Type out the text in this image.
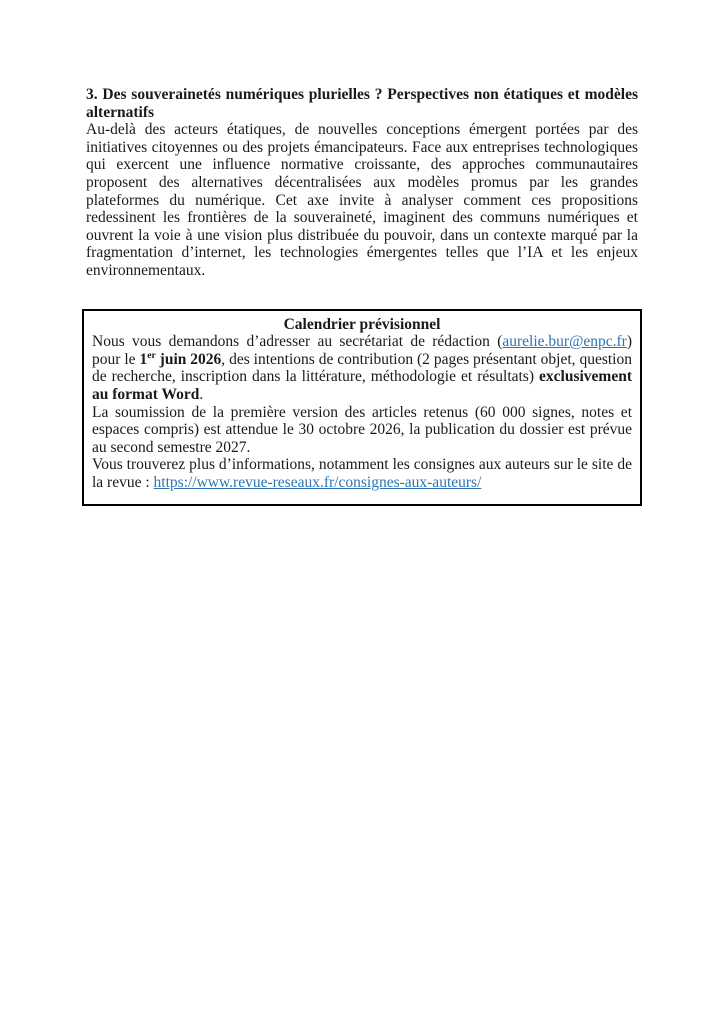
3. Des souverainetés numériques plurielles ? Perspectives non étatiques et modèles alternatifs

Au-delà des acteurs étatiques, de nouvelles conceptions émergent portées par des initiatives citoyennes ou des projets émancipateurs. Face aux entreprises technologiques qui exercent une influence normative croissante, des approches communautaires proposent des alternatives décentralisées aux modèles promus par les grandes plateformes du numérique. Cet axe invite à analyser comment ces propositions redessinent les frontières de la souveraineté, imaginent des communs numériques et ouvrent la voie à une vision plus distribuée du pouvoir, dans un contexte marqué par la fragmentation d’internet, les technologies émergentes telles que l’IA et les enjeux environnementaux.

Calendrier prévisionnel

Nous vous demandons d’adresser au secrétariat de rédaction (aurelie.bur@enpc.fr) pour le 1er juin 2026, des intentions de contribution (2 pages présentant objet, question de recherche, inscription dans la littérature, méthodologie et résultats) exclusivement au format Word.

La soumission de la première version des articles retenus (60 000 signes, notes et espaces compris) est attendue le 30 octobre 2026, la publication du dossier est prévue au second semestre 2027.

Vous trouverez plus d’informations, notamment les consignes aux auteurs sur le site de la revue : https://www.revue-reseaux.fr/consignes-aux-auteurs/
